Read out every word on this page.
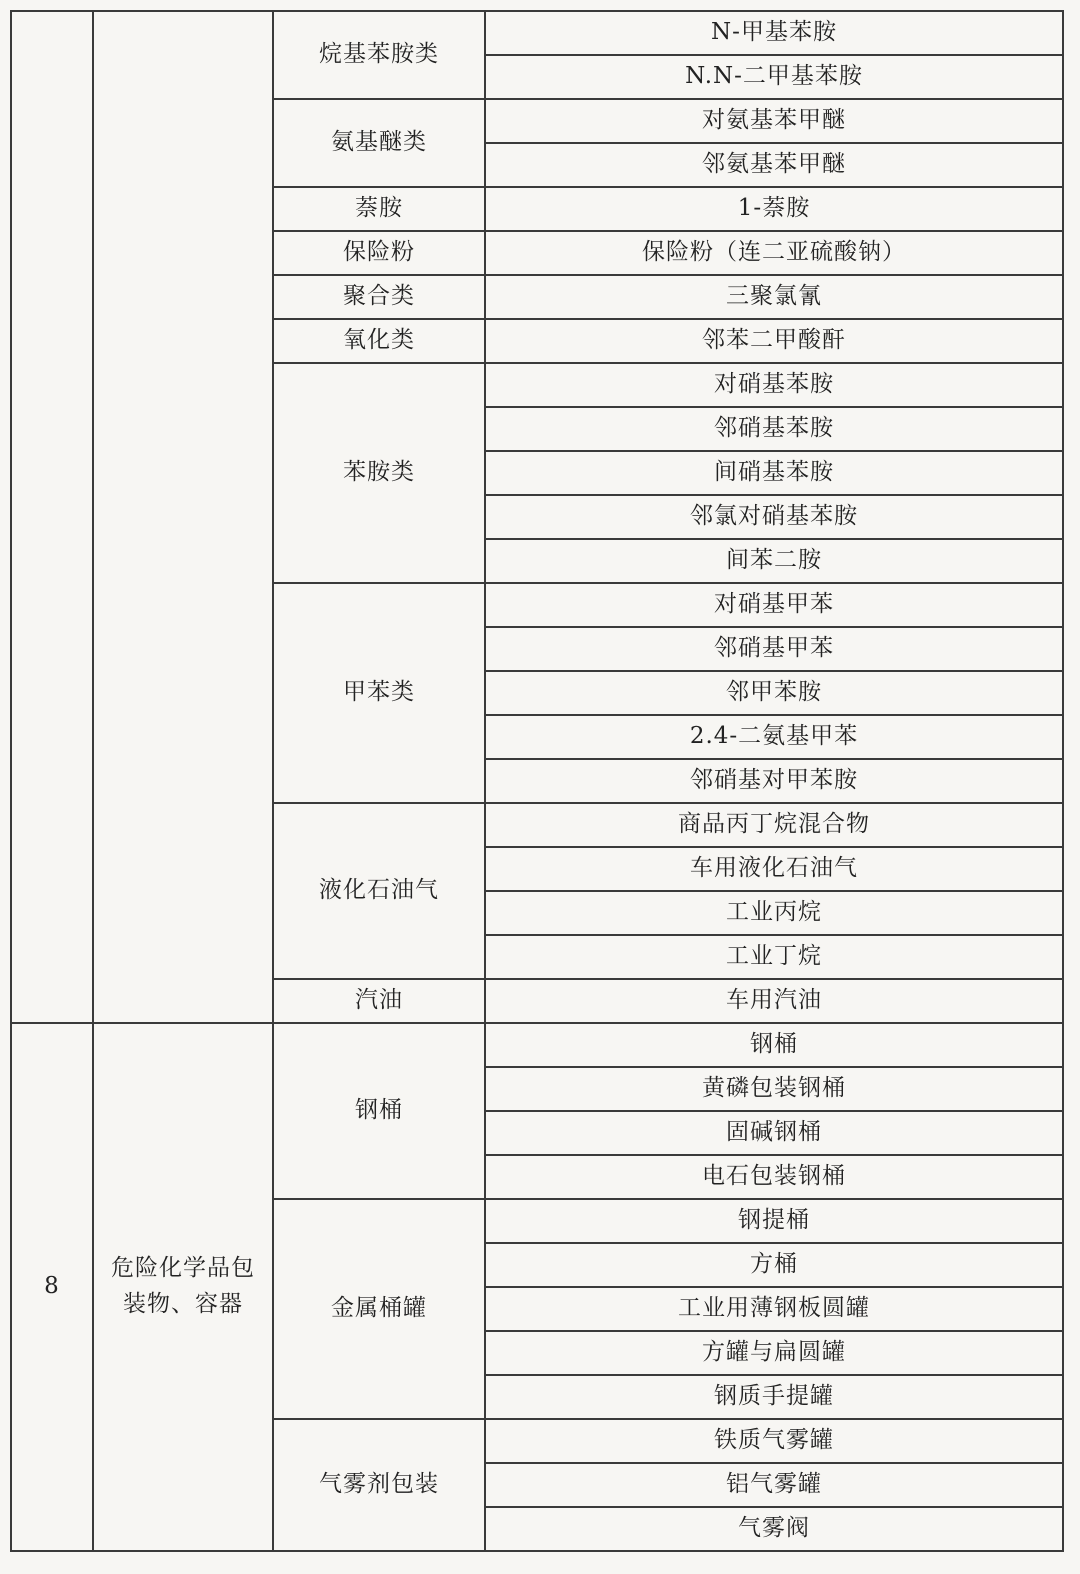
		烷基苯胺类	N-甲基苯胺
			N.N-二甲基苯胺
		氨基醚类	对氨基苯甲醚
			邻氨基苯甲醚
		萘胺	1-萘胺
		保险粉	保险粉（连二亚硫酸钠）
		聚合类	三聚氯氰
		氧化类	邻苯二甲酸酐
		苯胺类	对硝基苯胺
			邻硝基苯胺
			间硝基苯胺
			邻氯对硝基苯胺
			间苯二胺
		甲苯类	对硝基甲苯
			邻硝基甲苯
			邻甲苯胺
			2.4-二氨基甲苯
			邻硝基对甲苯胺
		液化石油气	商品丙丁烷混合物
			车用液化石油气
			工业丙烷
			工业丁烷
		汽油	车用汽油
8	危险化学品包装物、容器	钢桶	钢桶
			黄磷包装钢桶
			固碱钢桶
			电石包装钢桶
		金属桶罐	钢提桶
			方桶
			工业用薄钢板圆罐
			方罐与扁圆罐
			钢质手提罐
		气雾剂包装	铁质气雾罐
			铝气雾罐
			气雾阀
